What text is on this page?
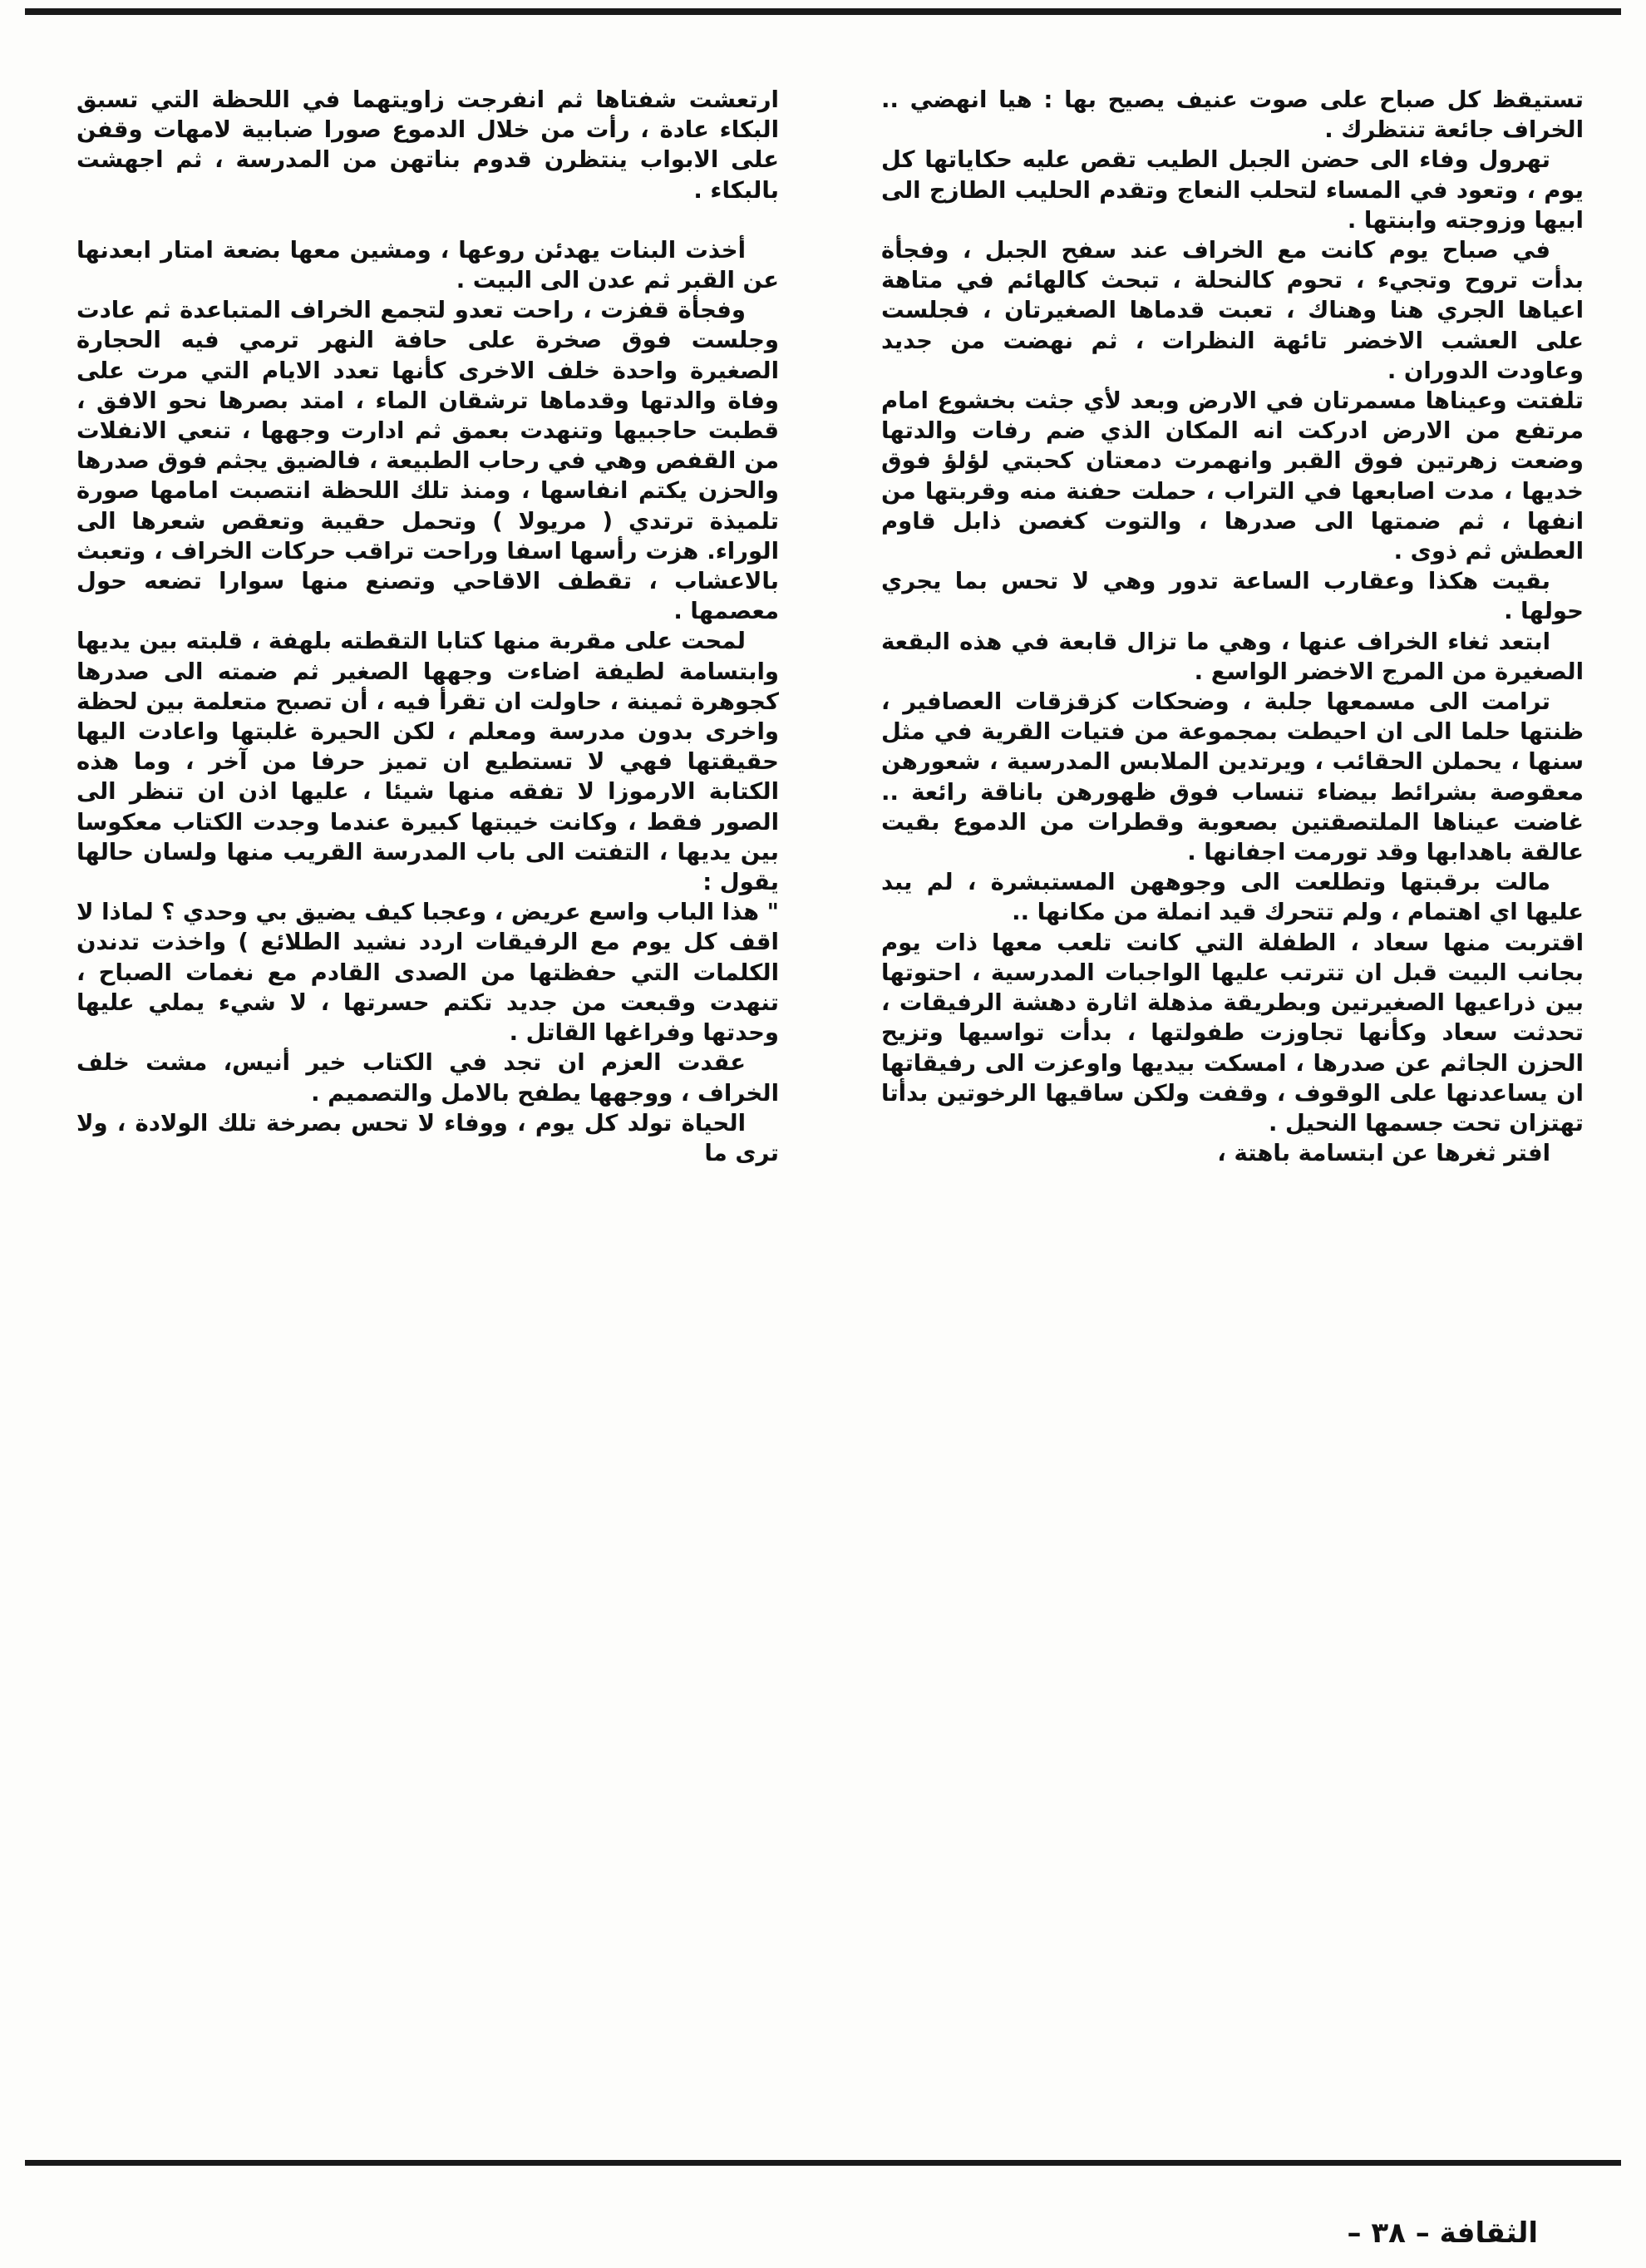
تستيقظ كل صباح على صوت عنيف يصيح بها : هيا انهضي .. الخراف جائعة تنتظرك .

تهرول وفاء الى حضن الجبل الطيب تقص عليه حكاياتها كل يوم ، وتعود في المساء لتحلب النعاج وتقدم الحليب الطازج الى ابيها وزوجته وابنتها .

في صباح يوم كانت مع الخراف عند سفح الجبل ، وفجأة بدأت تروح وتجيء ، تحوم كالنحلة ، تبحث كالهائم في متاهة اعياها الجري هنا وهناك ، تعبت قدماها الصغيرتان ، فجلست على العشب الاخضر تائهة النظرات ، ثم نهضت من جديد وعاودت الدوران .

تلفتت وعيناها مسمرتان في الارض وبعد لأي جثت بخشوع امام مرتفع من الارض ادركت انه المكان الذي ضم رفات والدتها وضعت زهرتين فوق القبر وانهمرت دمعتان كحبتي لؤلؤ فوق خديها ، مدت اصابعها في التراب ، حملت حفنة منه وقربتها من انفها ، ثم ضمتها الى صدرها ، والتوت كغصن ذابل قاوم العطش ثم ذوى .

بقيت هكذا وعقارب الساعة تدور وهي لا تحس بما يجري حولها .

ابتعد ثغاء الخراف عنها ، وهي ما تزال قابعة في هذه البقعة الصغيرة من المرج الاخضر الواسع .

ترامت الى مسمعها جلبة ، وضحكات كزقزقات العصافير ، ظنتها حلما الى ان احيطت بمجموعة من فتيات القرية في مثل سنها ، يحملن الحقائب ، ويرتدين الملابس المدرسية ، شعورهن معقوصة بشرائط بيضاء تنساب فوق ظهورهن باناقة رائعة .. غاضت عيناها الملتصقتين بصعوبة وقطرات من الدموع بقيت عالقة باهدابها وقد تورمت اجفانها .

مالت برقبتها وتطلعت الى وجوههن المستبشرة ، لم يبد عليها اي اهتمام ، ولم تتحرك قيد انملة من مكانها ..

اقتربت منها سعاد ، الطفلة التي كانت تلعب معها ذات يوم بجانب البيت قبل ان تترتب عليها الواجبات المدرسية ، احتوتها بين ذراعيها الصغيرتين وبطريقة مذهلة اثارة دهشة الرفيقات ، تحدثت سعاد وكأنها تجاوزت طفولتها ، بدأت تواسيها وتزيح الحزن الجاثم عن صدرها ، امسكت بيديها واوعزت الى رفيقاتها ان يساعدنها على الوقوف ، وقفت ولكن ساقيها الرخوتين بدأتا تهتزان تحت جسمها النحيل .

افتر ثغرها عن ابتسامة باهتة ،

ارتعشت شفتاها ثم انفرجت زاويتهما في اللحظة التي تسبق البكاء عادة ، رأت من خلال الدموع صورا ضبابية لامهات وقفن على الابواب ينتظرن قدوم بناتهن من المدرسة ، ثم اجهشت بالبكاء .

أخذت البنات يهدئن روعها ، ومشين معها بضعة امتار ابعدنها عن القبر ثم عدن الى البيت .

وفجأة قفزت ، راحت تعدو لتجمع الخراف المتباعدة ثم عادت وجلست فوق صخرة على حافة النهر ترمي فيه الحجارة الصغيرة واحدة خلف الاخرى كأنها تعدد الايام التي مرت على وفاة والدتها وقدماها ترشقان الماء ، امتد بصرها نحو الافق ، قطبت حاجبيها وتنهدت بعمق ثم ادارت وجهها ، تنعي الانفلات من القفص وهي في رحاب الطبيعة ، فالضيق يجثم فوق صدرها والحزن يكتم انفاسها ، ومنذ تلك اللحظة انتصبت امامها صورة تلميذة ترتدي ( مريولا ) وتحمل حقيبة وتعقص شعرها الى الوراء. هزت رأسها اسفا وراحت تراقب حركات الخراف ، وتعبث بالاعشاب ، تقطف الاقاحي وتصنع منها سوارا تضعه حول معصمها .

لمحت على مقربة منها كتابا التقطته بلهفة ، قلبته بين يديها وابتسامة لطيفة اضاءت وجهها الصغير ثم ضمته الى صدرها كجوهرة ثمينة ، حاولت ان تقرأ فيه ، أن تصبح متعلمة بين لحظة واخرى بدون مدرسة ومعلم ، لكن الحيرة غلبتها واعادت اليها حقيقتها فهي لا تستطيع ان تميز حرفا من آخر ، وما هذه الكتابة الارموزا لا تفقه منها شيئا ، عليها اذن ان تنظر الى الصور فقط ، وكانت خيبتها كبيرة عندما وجدت الكتاب معكوسا بين يديها ، التفتت الى باب المدرسة القريب منها ولسان حالها يقول :

" هذا الباب واسع عريض ، وعجبا كيف يضيق بي وحدي ؟ لماذا لا اقف كل يوم مع الرفيقات اردد نشيد الطلائع ) واخذت تدندن الكلمات التي حفظتها من الصدى القادم مع نغمات الصباح ، تنهدت وقبعت من جديد تكتم حسرتها ، لا شيء يملي عليها وحدتها وفراغها القاتل .

عقدت العزم ان تجد في الكتاب خير أنيس، مشت خلف الخراف ، ووجهها يطفح بالامل والتصميم .

الحياة تولد كل يوم ، ووفاء لا تحس بصرخة تلك الولادة ، ولا ترى ما

الثقافة – ٣٨ –
